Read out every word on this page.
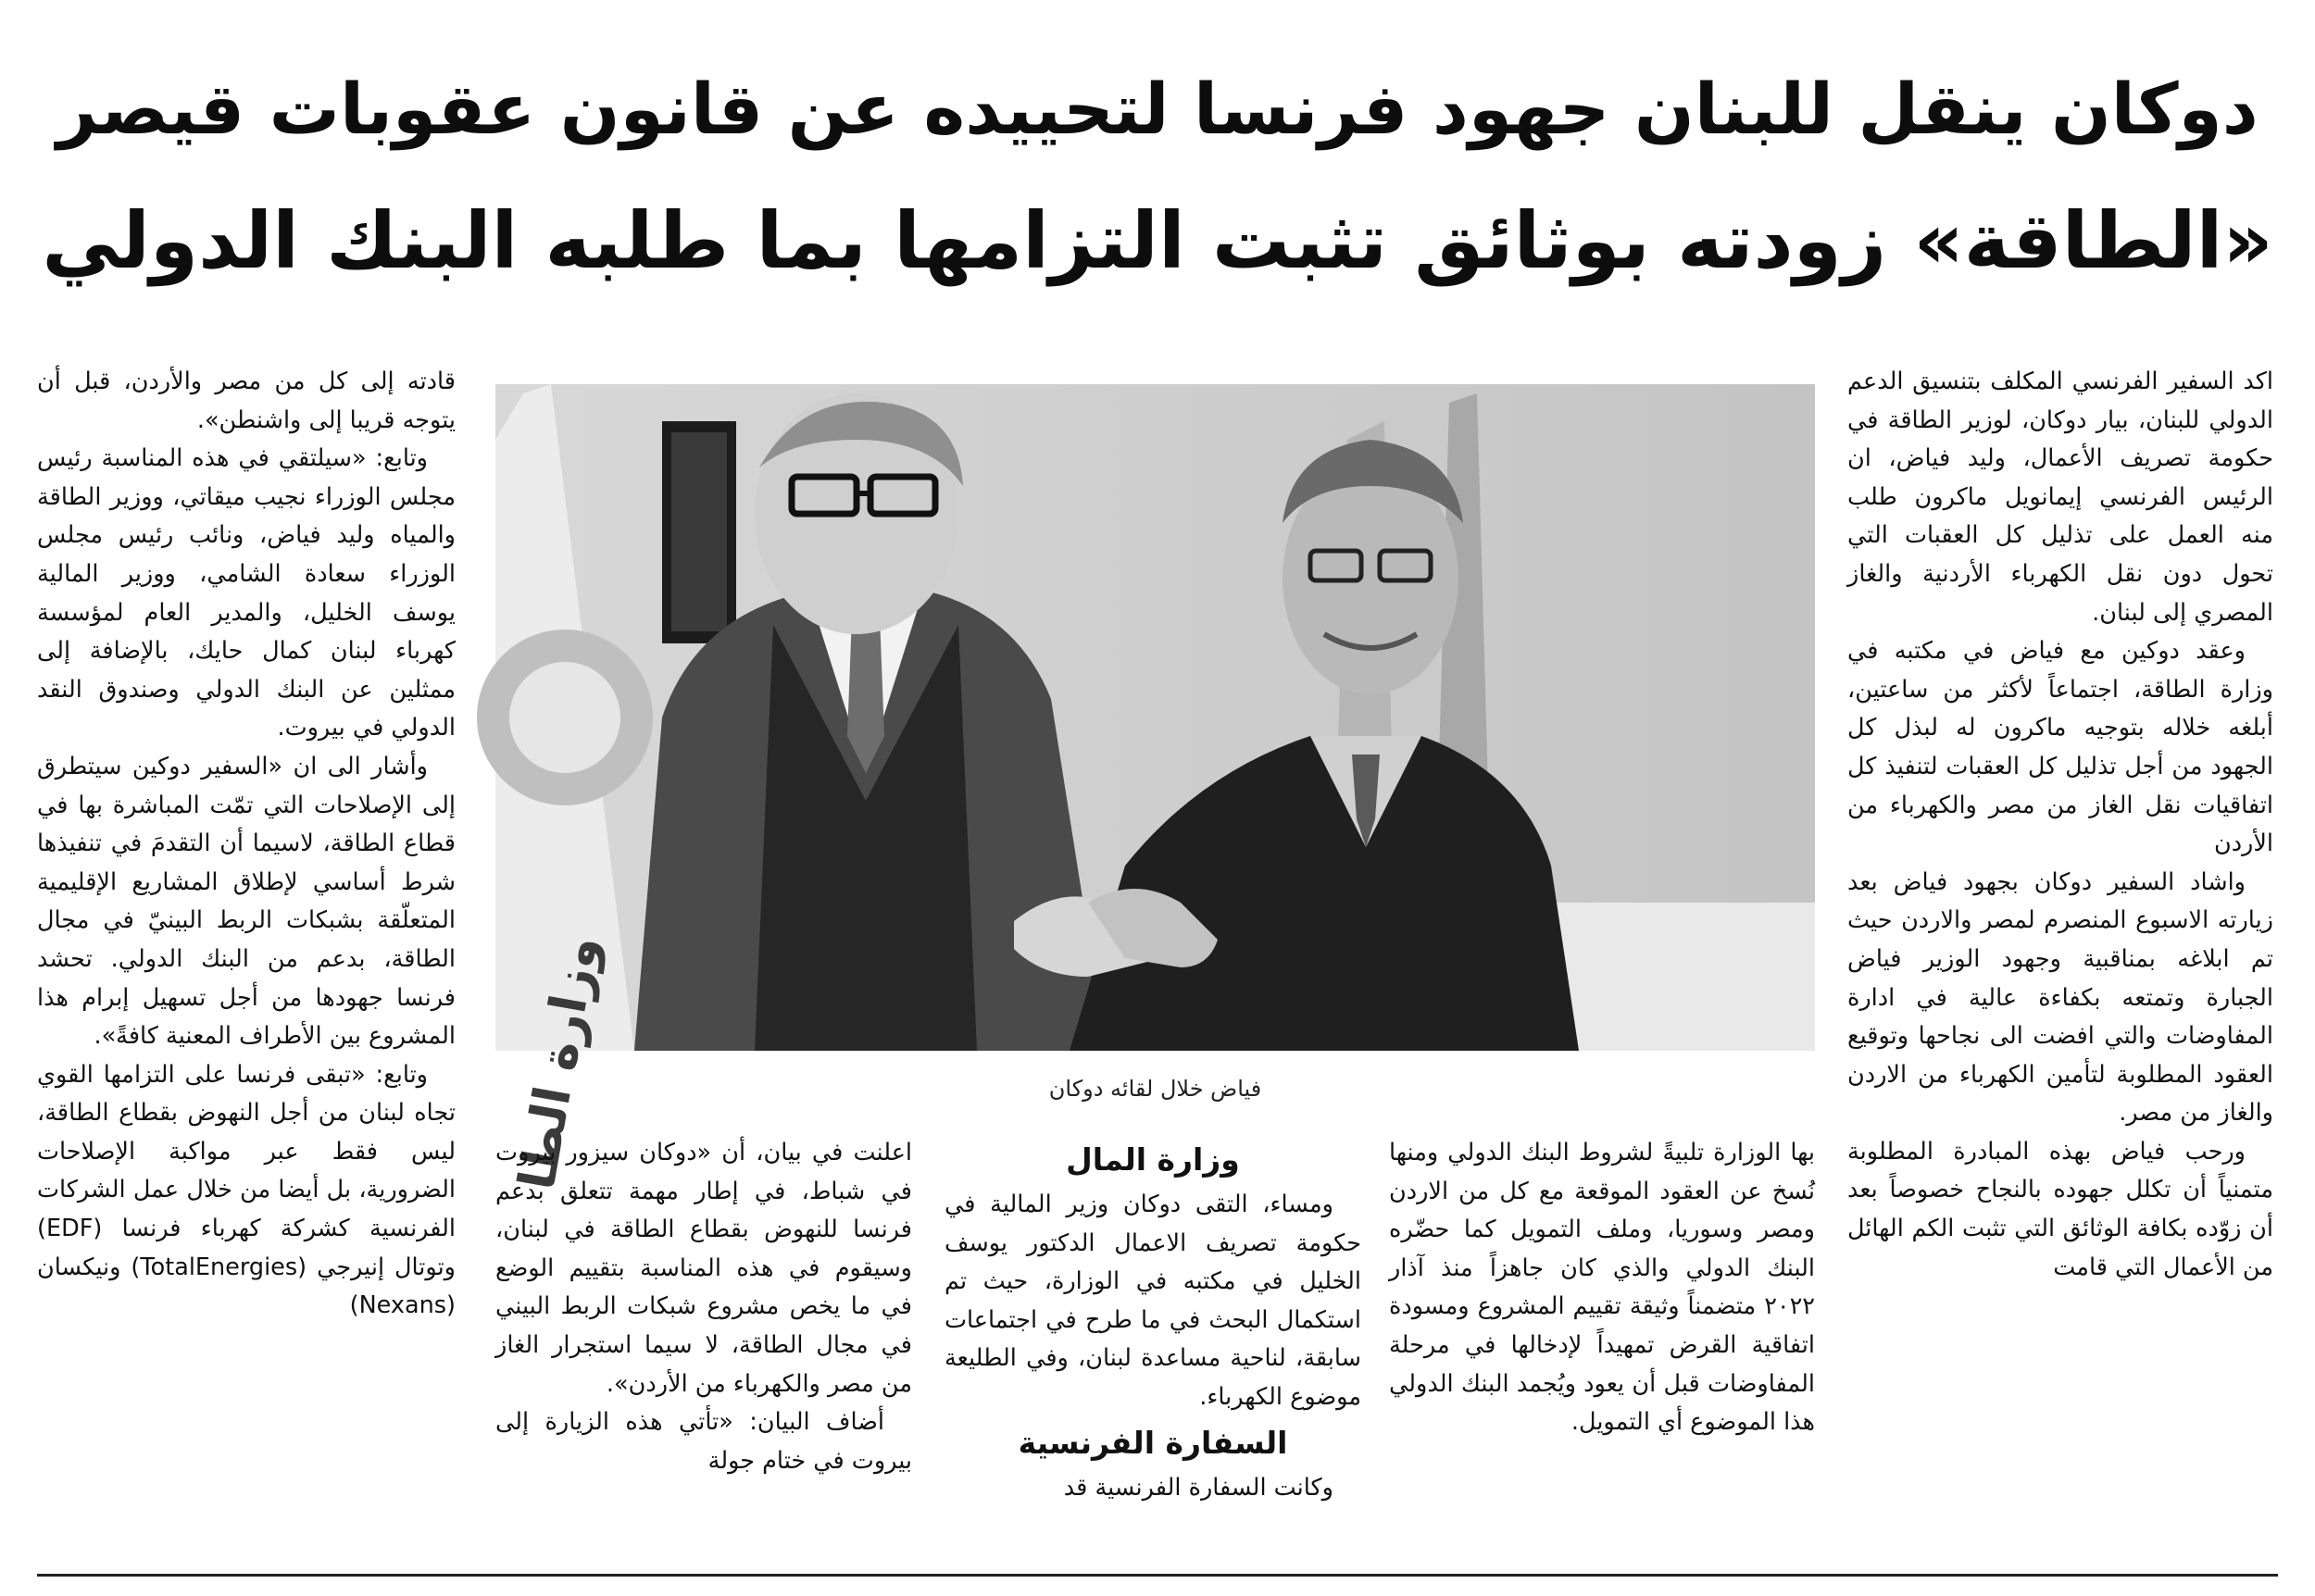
دوكان ينقل للبنان جهود فرنسا لتحييده عن قانون عقوبات قيصر
«الطاقة» زودته بوثائق تثبت التزامها بما طلبه البنك الدولي

اكد السفير الفرنسي المكلف بتنسيق الدعم الدولي للبنان، بيار دوكان، لوزير الطاقة في حكومة تصريف الأعمال، وليد فياض، ان الرئيس الفرنسي إيمانويل ماكرون طلب منه العمل على تذليل كل العقبات التي تحول دون نقل الكهرباء الأردنية والغاز المصري إلى لبنان.

وعقد دوكين مع فياض في مكتبه في وزارة الطاقة، اجتماعاً لأكثر من ساعتين، أبلغه خلاله بتوجيه ماكرون له لبذل كل الجهود من أجل تذليل كل العقبات لتنفيذ كل اتفاقيات نقل الغاز من مصر والكهرباء من الأردن

واشاد السفير دوكان بجهود فياض بعد زيارته الاسبوع المنصرم لمصر والاردن حيث تم ابلاغه بمناقبية وجهود الوزير فياض الجبارة وتمتعه بكفاءة عالية في ادارة المفاوضات والتي افضت الى نجاحها وتوقيع العقود المطلوبة لتأمين الكهرباء من الاردن والغاز من مصر.

ورحب فياض بهذه المبادرة المطلوبة متمنياً أن تكلل جهوده بالنجاح خصوصاً بعد أن زوّده بكافة الوثائق التي تثبت الكم الهائل من الأعمال التي قامت

وزارة الطا	فياض خلال لقائه دوكان

بها الوزارة تلبيةً لشروط البنك الدولي ومنها نُسخ عن العقود الموقعة مع كل من الاردن ومصر وسوريا، وملف التمويل كما حضّره البنك الدولي والذي كان جاهزاً منذ آذار ٢٠٢٢ متضمناً وثيقة تقييم المشروع ومسودة اتفاقية القرض تمهيداً لإدخالها في مرحلة المفاوضات قبل أن يعود ويُجمد البنك الدولي هذا الموضوع أي التمويل.

وزارة المال

ومساء، التقى دوكان وزير المالية في حكومة تصريف الاعمال الدكتور يوسف الخليل في مكتبه في الوزارة، حيث تم استكمال البحث في ما طرح في اجتماعات سابقة، لناحية مساعدة لبنان، وفي الطليعة موضوع الكهرباء.

السفارة الفرنسية

وكانت السفارة الفرنسية قد

اعلنت في بيان، أن «دوكان سيزور بيروت في شباط، في إطار مهمة تتعلق بدعم فرنسا للنهوض بقطاع الطاقة في لبنان، وسيقوم في هذه المناسبة بتقييم الوضع في ما يخص مشروع شبكات الربط البيني في مجال الطاقة، لا سيما استجرار الغاز من مصر والكهرباء من الأردن».

أضاف البيان: «تأتي هذه الزيارة إلى بيروت في ختام جولة

قادته إلى كل من مصر والأردن، قبل أن يتوجه قريبا إلى واشنطن».

وتابع: «سيلتقي في هذه المناسبة رئيس مجلس الوزراء نجيب ميقاتي، ووزير الطاقة والمياه وليد فياض، ونائب رئيس مجلس الوزراء سعادة الشامي، ووزير المالية يوسف الخليل، والمدير العام لمؤسسة كهرباء لبنان كمال حايك، بالإضافة إلى ممثلين عن البنك الدولي وصندوق النقد الدولي في بيروت.

وأشار الى ان «السفير دوكين سيتطرق إلى الإصلاحات التي تمّت المباشرة بها في قطاع الطاقة، لاسيما أن التقدمَ في تنفيذها شرط أساسي لإطلاق المشاريع الإقليمية المتعلّقة بشبكات الربط البينيّ في مجال الطاقة، بدعم من البنك الدولي. تحشد فرنسا جهودها من أجل تسهيل إبرام هذا المشروع بين الأطراف المعنية كافةً».

وتابع: «تبقى فرنسا على التزامها القوي تجاه لبنان من أجل النهوض بقطاع الطاقة، ليس فقط عبر مواكبة الإصلاحات الضرورية، بل أيضا من خلال عمل الشركات الفرنسية كشركة كهرباء فرنسا (EDF) وتوتال إنيرجي (TotalEnergies) ونيكسان (Nexans)
